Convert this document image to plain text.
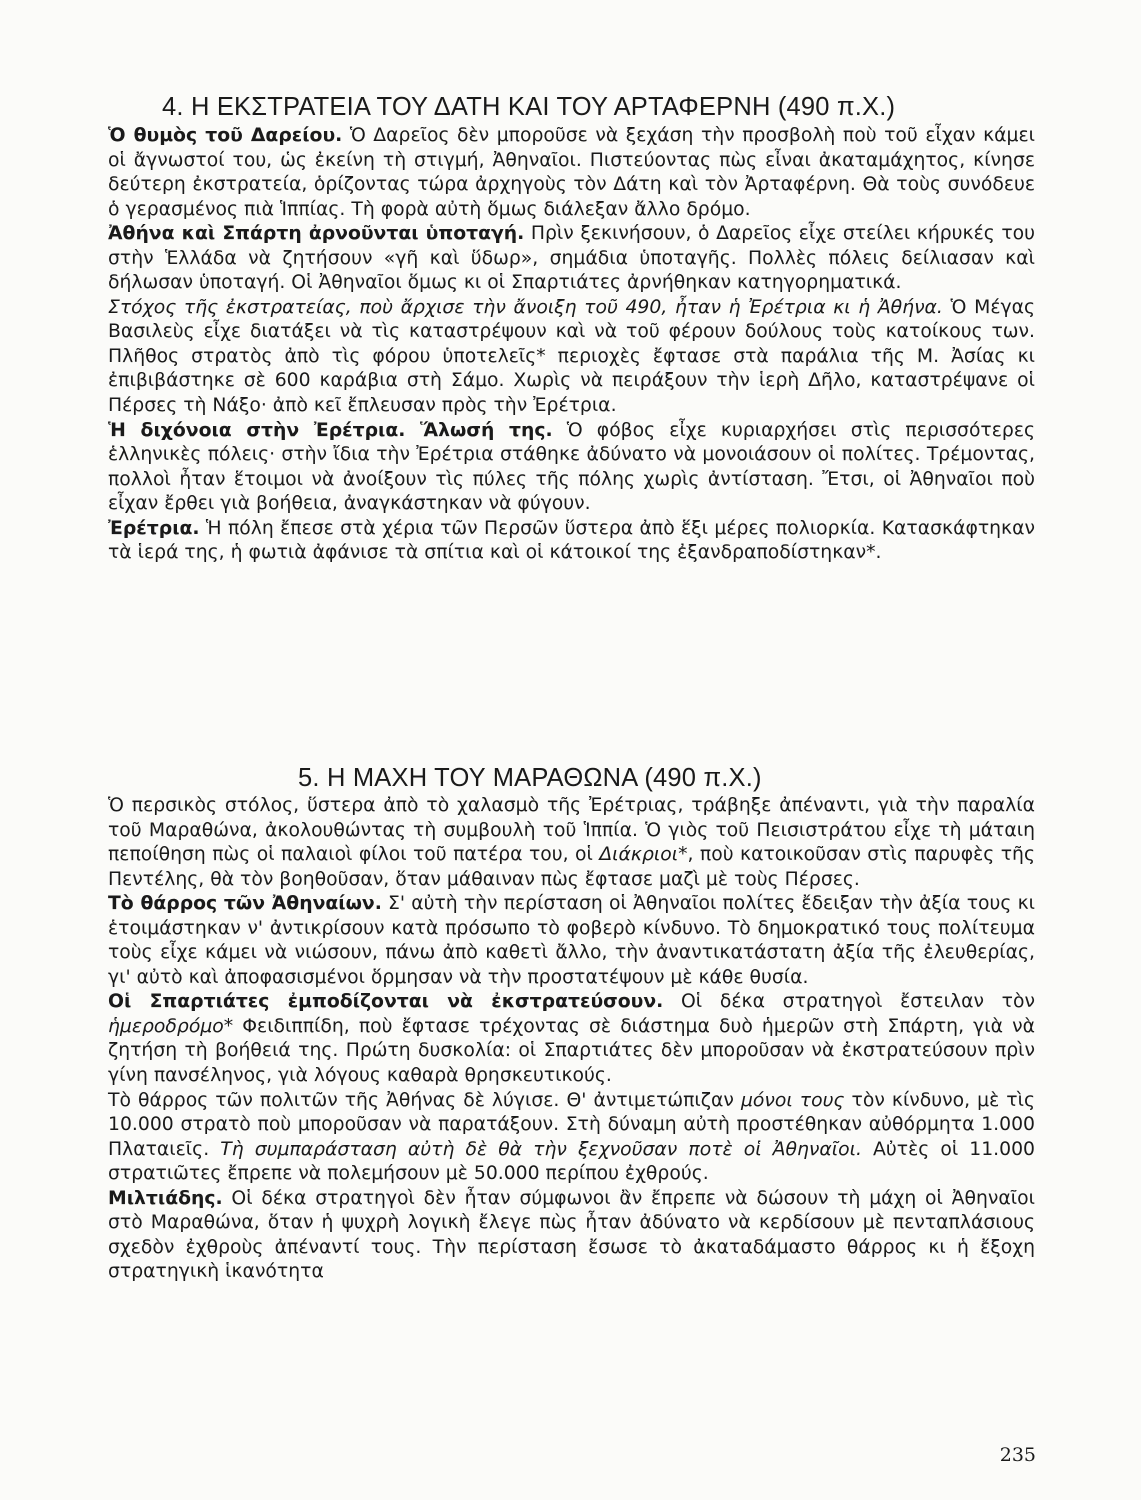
4. Η ΕΚΣΤΡΑΤΕΙΑ ΤΟΥ ΔΑΤΗ ΚΑΙ ΤΟΥ ΑΡΤΑΦΕΡΝΗ (490 π.Χ.)

Ὁ θυμὸς τοῦ Δαρείου. Ὁ Δαρεῖος δὲν μποροῦσε νὰ ξεχάση τὴν προσβολὴ ποὺ τοῦ εἶχαν κάμει οἱ ἄγνωστοί του, ὡς ἐκείνη τὴ στιγμή, Ἀθηναῖοι. Πιστεύοντας πὼς εἶναι ἀκαταμάχητος, κίνησε δεύτερη ἐκστρατεία, ὁρίζοντας τώρα ἀρχηγοὺς τὸν Δάτη καὶ τὸν Ἀρταφέρνη. Θὰ τοὺς συνόδευε ὁ γερασμένος πιὰ Ἱππίας. Τὴ φορὰ αὐτὴ ὅμως διάλεξαν ἄλλο δρόμο.

Ἀθήνα καὶ Σπάρτη ἀρνοῦνται ὑποταγή. Πρὶν ξεκινήσουν, ὁ Δαρεῖος εἶχε στείλει κήρυκές του στὴν Ἑλλάδα νὰ ζητήσουν «γῆ καὶ ὕδωρ», σημάδια ὑποταγῆς. Πολλὲς πόλεις δείλιασαν καὶ δήλωσαν ὑποταγή. Οἱ Ἀθηναῖοι ὅμως κι οἱ Σπαρτιάτες ἀρνήθηκαν κατηγορηματικά.

Στόχος τῆς ἐκστρατείας, ποὺ ἄρχισε τὴν ἄνοιξη τοῦ 490, ἦταν ἡ Ἐρέτρια κι ἡ Ἀθήνα. Ὁ Μέγας Βασιλεὺς εἶχε διατάξει νὰ τὶς καταστρέψουν καὶ νὰ τοῦ φέρουν δούλους τοὺς κατοίκους των. Πλῆθος στρατὸς ἀπὸ τὶς φόρου ὑποτελεῖς* περιοχὲς ἔφτασε στὰ παράλια τῆς Μ. Ἀσίας κι ἐπιβιβάστηκε σὲ 600 καράβια στὴ Σάμο. Χωρὶς νὰ πειράξουν τὴν ἱερὴ Δῆλο, καταστρέψανε οἱ Πέρσες τὴ Νάξο· ἀπὸ κεῖ ἔπλευσαν πρὸς τὴν Ἐρέτρια.

Ἡ διχόνοια στὴν Ἐρέτρια. Ἅλωσή της. Ὁ φόβος εἶχε κυριαρχήσει στὶς περισσότερες ἑλληνικὲς πόλεις· στὴν ἴδια τὴν Ἐρέτρια στάθηκε ἀδύνατο νὰ μονοιάσουν οἱ πολίτες. Τρέμοντας, πολλοὶ ἦταν ἕτοιμοι νὰ ἀνοίξουν τὶς πύλες τῆς πόλης χωρὶς ἀντίσταση. Ἔτσι, οἱ Ἀθηναῖοι ποὺ εἶχαν ἔρθει γιὰ βοήθεια, ἀναγκάστηκαν νὰ φύγουν.

Ἐρέτρια. Ἡ πόλη ἔπεσε στὰ χέρια τῶν Περσῶν ὕστερα ἀπὸ ἕξι μέρες πολιορκία. Κατασκάφτηκαν τὰ ἱερά της, ἡ φωτιὰ ἀφάνισε τὰ σπίτια καὶ οἱ κάτοικοί της ἐξανδραποδίστηκαν*.

5. Η ΜΑΧΗ ΤΟΥ ΜΑΡΑΘΩΝΑ (490 π.Χ.)

Ὁ περσικὸς στόλος, ὕστερα ἀπὸ τὸ χαλασμὸ τῆς Ἐρέτριας, τράβηξε ἀπέναντι, γιὰ τὴν παραλία τοῦ Μαραθώνα, ἀκολουθώντας τὴ συμβουλὴ τοῦ Ἱππία. Ὁ γιὸς τοῦ Πεισιστράτου εἶχε τὴ μάταιη πεποίθηση πὼς οἱ παλαιοὶ φίλοι τοῦ πατέρα του, οἱ Διάκριοι*, ποὺ κατοικοῦσαν στὶς παρυφὲς τῆς Πεντέλης, θὰ τὸν βοηθοῦσαν, ὅταν μάθαιναν πὼς ἔφτασε μαζὶ μὲ τοὺς Πέρσες.

Τὸ θάρρος τῶν Ἀθηναίων. Σ' αὐτὴ τὴν περίσταση οἱ Ἀθηναῖοι πολίτες ἔδειξαν τὴν ἀξία τους κι ἑτοιμάστηκαν ν' ἀντικρίσουν κατὰ πρόσωπο τὸ φοβερὸ κίνδυνο. Τὸ δημοκρατικό τους πολίτευμα τοὺς εἶχε κάμει νὰ νιώσουν, πάνω ἀπὸ καθετὶ ἄλλο, τὴν ἀναντικατάστατη ἀξία τῆς ἐλευθερίας, γι' αὐτὸ καὶ ἀποφασισμένοι ὅρμησαν νὰ τὴν προστατέψουν μὲ κάθε θυσία.

Οἱ Σπαρτιάτες ἐμποδίζονται νὰ ἐκστρατεύσουν. Οἱ δέκα στρατηγοὶ ἔστειλαν τὸν ἡμεροδρόμο* Φειδιππίδη, ποὺ ἔφτασε τρέχοντας σὲ διάστημα δυὸ ἡμερῶν στὴ Σπάρτη, γιὰ νὰ ζητήση τὴ βοήθειά της. Πρώτη δυσκολία: οἱ Σπαρτιάτες δὲν μποροῦσαν νὰ ἐκστρατεύσουν πρὶν γίνη πανσέληνος, γιὰ λόγους καθαρὰ θρησκευτικούς.

Τὸ θάρρος τῶν πολιτῶν τῆς Ἀθήνας δὲ λύγισε. Θ' ἀντιμετώπιζαν μόνοι τους τὸν κίνδυνο, μὲ τὶς 10.000 στρατὸ ποὺ μποροῦσαν νὰ παρατάξουν. Στὴ δύναμη αὐτὴ προστέθηκαν αὐθόρμητα 1.000 Πλαταιεῖς. Τὴ συμπαράσταση αὐτὴ δὲ θὰ τὴν ξεχνοῦσαν ποτὲ οἱ Ἀθηναῖοι. Αὐτὲς οἱ 11.000 στρατιῶτες ἔπρεπε νὰ πολεμήσουν μὲ 50.000 περίπου ἐχθρούς.

Μιλτιάδης. Οἱ δέκα στρατηγοὶ δὲν ἦταν σύμφωνοι ἂν ἔπρεπε νὰ δώσουν τὴ μάχη οἱ Ἀθηναῖοι στὸ Μαραθώνα, ὅταν ἡ ψυχρὴ λογικὴ ἔλεγε πὼς ἦταν ἀδύνατο νὰ κερδίσουν μὲ πενταπλάσιους σχεδὸν ἐχθροὺς ἀπέναντί τους. Τὴν περίσταση ἔσωσε τὸ ἀκαταδάμαστο θάρρος κι ἡ ἔξοχη στρατηγικὴ ἱκανότητα

235
